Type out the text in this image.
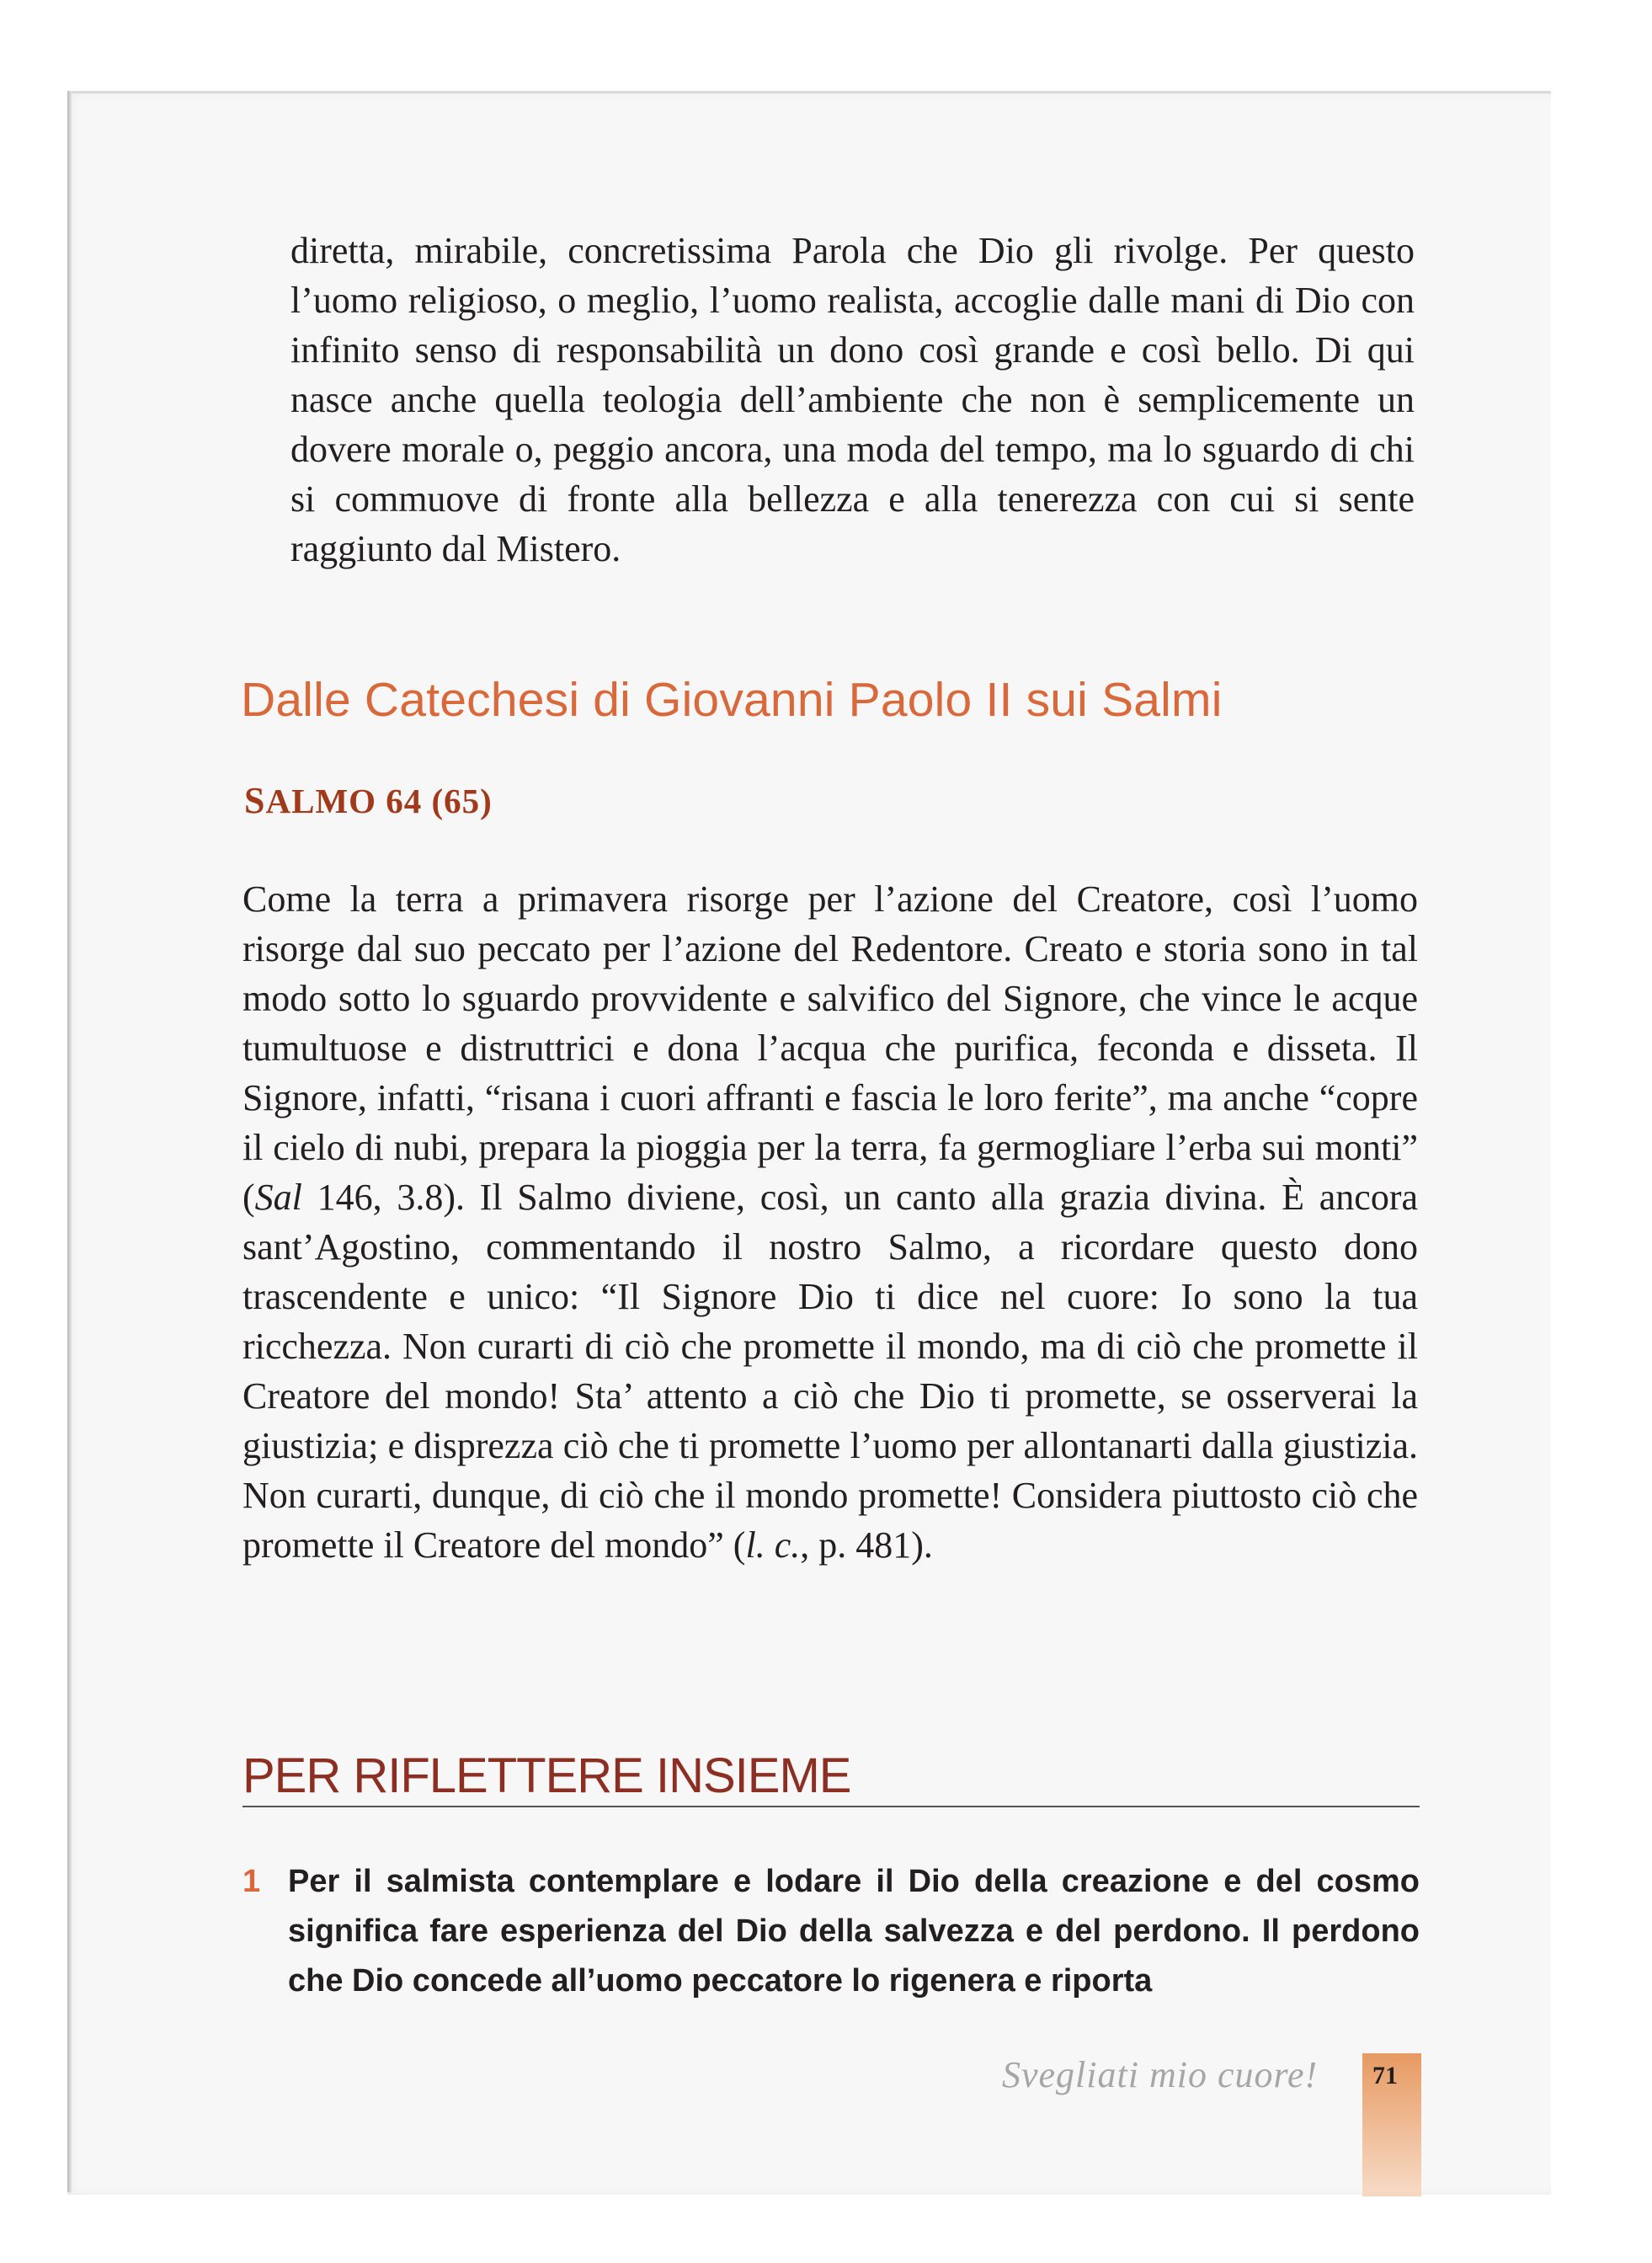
diretta, mirabile, concretissima Parola che Dio gli rivolge. Per questo l’uomo religioso, o meglio, l’uomo realista, accoglie dalle mani di Dio con infinito senso di responsabilità un dono così grande e così bello. Di qui nasce anche quella teologia dell’ambiente che non è semplicemente un dovere morale o, peggio ancora, una moda del tempo, ma lo sguardo di chi si commuove di fronte alla bellezza e alla tenerezza con cui si sente raggiunto dal Mistero.

Dalle Catechesi di Giovanni Paolo II sui Salmi
SALMO 64 (65)

Come la terra a primavera risorge per l’azione del Creatore, così l’uomo risorge dal suo peccato per l’azione del Redentore. Creato e storia sono in tal modo sotto lo sguardo provvidente e salvifico del Signore, che vince le acque tumultuose e distruttrici e dona l’acqua che purifica, feconda e disseta. Il Signore, infatti, “risana i cuori affranti e fascia le loro ferite”, ma anche “copre il cielo di nubi, prepara la pioggia per la terra, fa germogliare l’erba sui monti” (Sal 146, 3.8). Il Salmo diviene, così, un canto alla grazia divina. È ancora sant’Agostino, commentando il nostro Salmo, a ricordare questo dono trascendente e unico: “Il Signore Dio ti dice nel cuore: Io sono la tua ricchezza. Non curarti di ciò che promette il mondo, ma di ciò che promette il Creatore del mondo! Sta’ attento a ciò che Dio ti promette, se osserverai la giustizia; e disprezza ciò che ti promette l’uomo per allontanarti dalla giustizia. Non curarti, dunque, di ciò che il mondo promette! Considera piuttosto ciò che promette il Creatore del mondo” (l. c., p. 481).

PER RIFLETTERE INSIEME
1 Per il salmista contemplare e lodare il Dio della creazione e del cosmo significa fare esperienza del Dio della salvezza e del perdono. Il perdono che Dio concede all’uomo peccatore lo rigenera e riporta
Svegliati mio cuore! 71
